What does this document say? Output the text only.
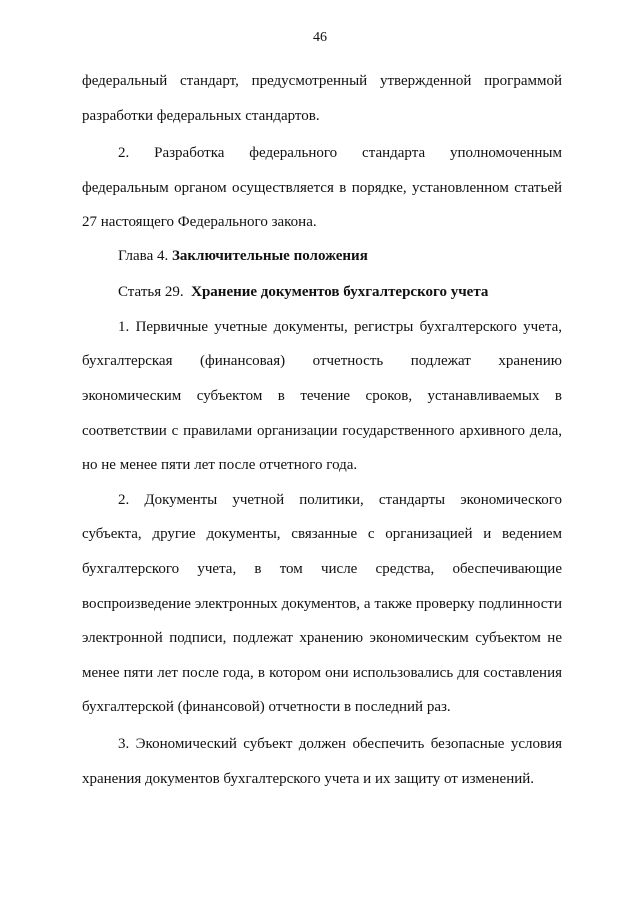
46
федеральный стандарт, предусмотренный утвержденной программой
разработки федеральных стандартов.
2. Разработка федерального стандарта уполномоченным
федеральным органом осуществляется в порядке, установленном статьей
27 настоящего Федерального закона.
Глава 4. Заключительные положения
Статья 29. Хранение документов бухгалтерского учета
1. Первичные учетные документы, регистры бухгалтерского учета,
бухгалтерская (финансовая) отчетность подлежат хранению
экономическим субъектом в течение сроков, устанавливаемых в
соответствии с правилами организации государственного архивного дела,
но не менее пяти лет после отчетного года.
2. Документы учетной политики, стандарты экономического
субъекта, другие документы, связанные с организацией и ведением
бухгалтерского учета, в том числе средства, обеспечивающие
воспроизведение электронных документов, а также проверку подлинности
электронной подписи, подлежат хранению экономическим субъектом не
менее пяти лет после года, в котором они использовались для составления
бухгалтерской (финансовой) отчетности в последний раз.
3. Экономический субъект должен обеспечить безопасные условия
хранения документов бухгалтерского учета и их защиту от изменений.
